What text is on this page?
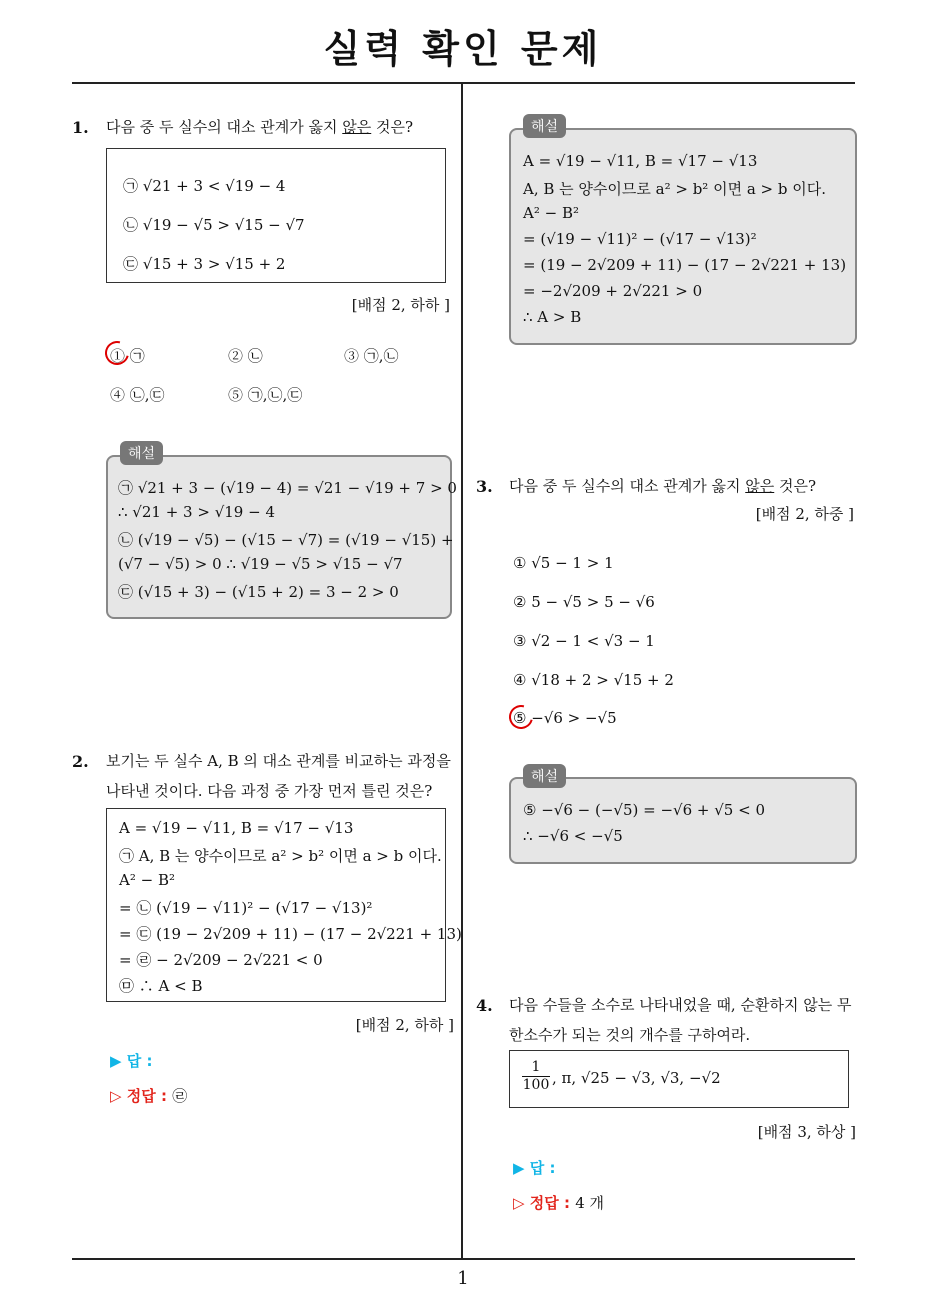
실력 확인 문제
1. 다음 중 두 실수의 대소 관계가 옳지 않은 것은?
㉠ √21 + 3 < √19 − 4
㉡ √19 − √5 > √15 − √7
㉢ √15 + 3 > √15 + 2
[배점 2, 하하 ]
① ㉠	② ㉡	③ ㉠,㉡
④ ㉡,㉢	⑤ ㉠,㉡,㉢
㉠ √21 + 3 − (√19 − 4) = √21 − √19 + 7 > 0
∴ √21 + 3 > √19 − 4
㉡ (√19 − √5) − (√15 − √7) = (√19 − √15) +
(√7 − √5) > 0 ∴ √19 − √5 > √15 − √7
㉢ (√15 + 3) − (√15 + 2) = 3 − 2 > 0
해설
2. 보기는 두 실수 A, B 의 대소 관계를 비교하는 과정을
나타낸 것이다. 다음 과정 중 가장 먼저 틀린 것은?
A = √19 − √11, B = √17 − √13
㉠ A, B 는 양수이므로 a² > b² 이면 a > b 이다.
A² − B²
= ㉡ (√19 − √11)² − (√17 − √13)²
= ㉢ (19 − 2√209 + 11) − (17 − 2√221 + 13)
= ㉣ − 2√209 − 2√221 < 0
㉤ ∴ A < B
[배점 2, 하하 ]
▶ 답 :
▷ 정답 : ㉣
A = √19 − √11, B = √17 − √13
A, B 는 양수이므로 a² > b² 이면 a > b 이다.
A² − B²
= (√19 − √11)² − (√17 − √13)²
= (19 − 2√209 + 11) − (17 − 2√221 + 13)
= −2√209 + 2√221 > 0
∴ A > B
해설
3. 다음 중 두 실수의 대소 관계가 옳지 않은 것은?
[배점 2, 하중 ]
① √5 − 1 > 1
② 5 − √5 > 5 − √6
③ √2 − 1 < √3 − 1
④ √18 + 2 > √15 + 2
⑤ −√6 > −√5
⑤ −√6 − (−√5) = −√6 + √5 < 0
∴ −√6 < −√5
해설
4. 다음 수들을 소수로 나타내었을 때, 순환하지 않는 무
한소수가 되는 것의 개수를 구하여라.
1
100 , π, √25 − √3, √3, −√2
[배점 3, 하상 ]
▶ 답 :
▷ 정답 : 4 개
1
